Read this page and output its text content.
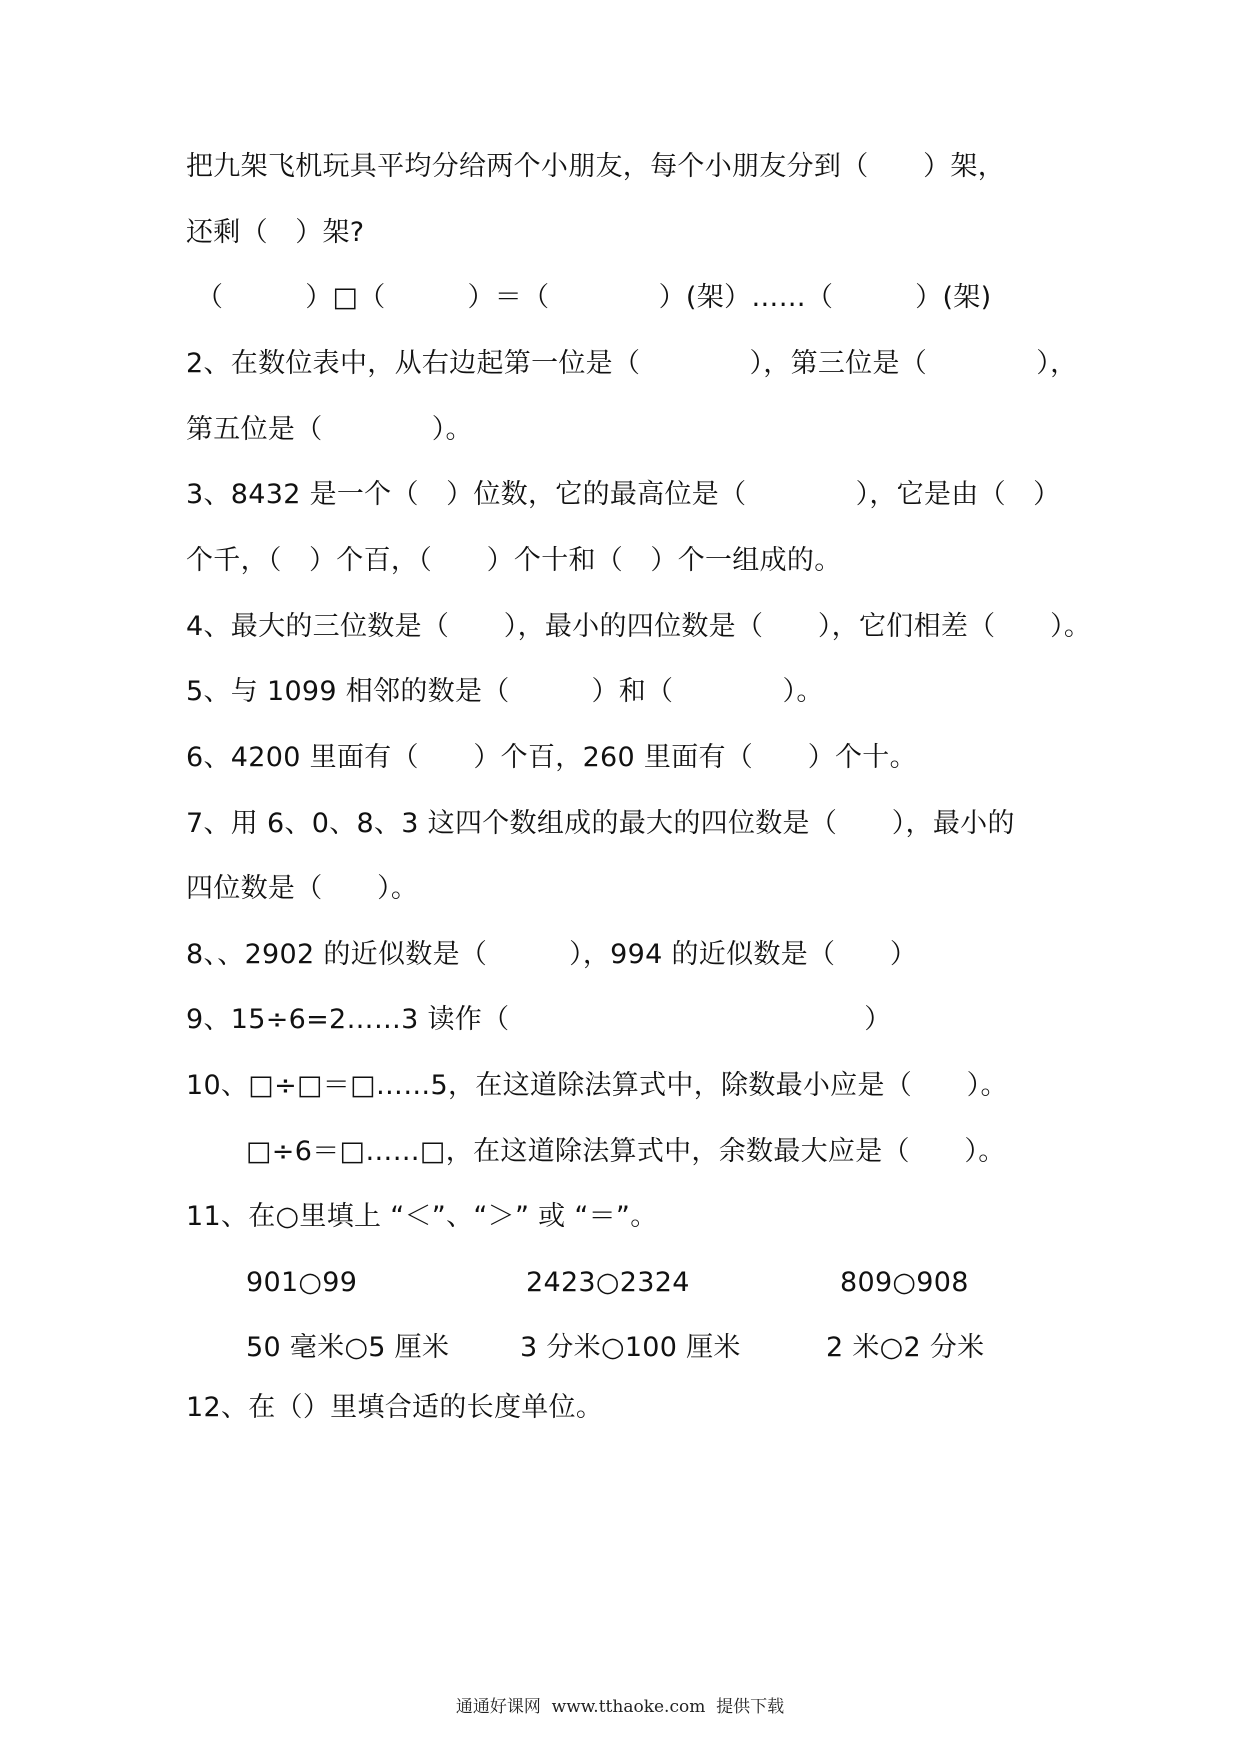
把九架飞机玩具平均分给两个小朋友，每个小朋友分到（　　）架，
还剩（　）架?
（　　　）□（　　　）＝（　　　　）(架）……（　　　）(架)
2、在数位表中，从右边起第一位是（　　　　），第三位是（　　　　），
第五位是（　　　　）。
3、8432 是一个（　）位数，它的最高位是（　　　　），它是由（　）
个千，（　）个百，（　　）个十和（　）个一组成的。
4、最大的三位数是（　　），最小的四位数是（　　），它们相差（　　）。
5、与 1099 相邻的数是（　　　）和（　　　　）。
6、4200 里面有（　　）个百，260 里面有（　　）个十。
7、用 6、0、8、3 这四个数组成的最大的四位数是（　　），最小的
四位数是（　　）。
8、、2902 的近似数是（　　　），994 的近似数是（　　）
9、15÷6=2……3 读作（　　　　　　　　　　　　　）
10、□÷□＝□……5，在这道除法算式中，除数最小应是（　　）。
□÷6＝□……□，在这道除法算式中，余数最大应是（　　）。
11、在○里填上 “＜”、“＞” 或 “＝”。
901○99	2423○2324	809○908
50 毫米○5 厘米	3 分米○100 厘米	2 米○2 分米
12、在（）里填合适的长度单位。
通通好课网  www.tthaoke.com  提供下载
